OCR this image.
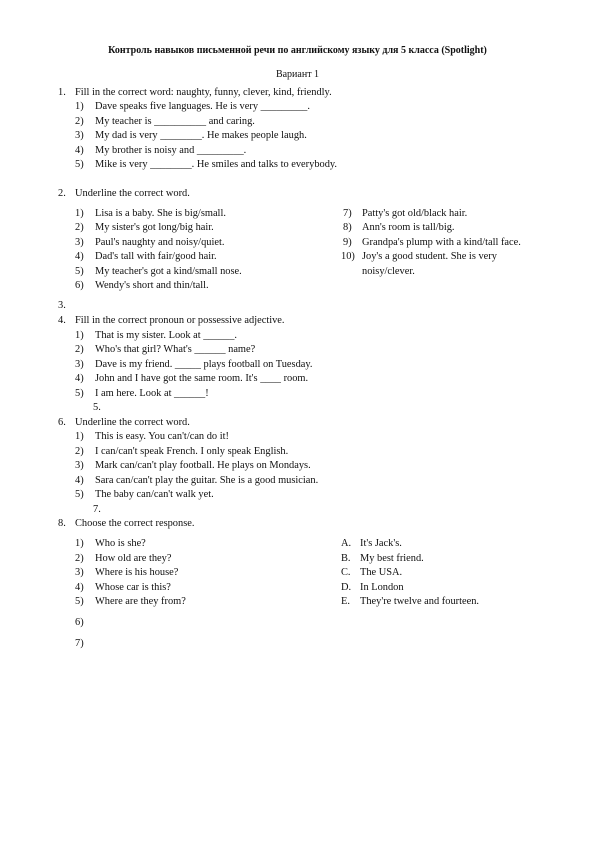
Контроль навыков письменной речи по английскому языку для 5 класса (Spotlight)
Вариант 1
1. Fill in the correct word: naughty, funny, clever, kind, friendly.
1) Dave speaks five languages. He is very _________.
2) My teacher is __________ and caring.
3) My dad is very ________. He makes people laugh.
4) My brother is noisy and _________.
5) Mike is very ________. He smiles and talks to everybody.
2. Underline the correct word.
1) Lisa is a baby. She is big/small.
2) My sister's got long/big hair.
3) Paul's naughty and noisy/quiet.
4) Dad's tall with fair/good hair.
5) My teacher's got a kind/small nose.
6) Wendy's short and thin/tall.
7) Patty's got old/black hair.
8) Ann's room is tall/big.
9) Grandpa's plump with a kind/tall face.
10) Joy's a good student. She is very
noisy/clever.
3.
4. Fill in the correct pronoun or possessive adjective.
1) That is my sister. Look at ______.
2) Who's that girl? What's ______ name?
3) Dave is my friend. _____ plays football on Tuesday.
4) John and I have got the same room. It's ____ room.
5) I am here. Look at ______!
5.
6. Underline the correct word.
1) This is easy. You can't/can do it!
2) I can/can't speak French. I only speak English.
3) Mark can/can't play football. He plays on Mondays.
4) Sara can/can't play the guitar. She is a good musician.
5) The baby can/can't walk yet.
7.
8. Choose the correct response.
1) Who is she?
2) How old are they?
3) Where is his house?
4) Whose car is this?
5) Where are they from?
A. It's Jack's.
B. My best friend.
C. The USA.
D. In London
E. They're twelve and fourteen.
6)
7)
